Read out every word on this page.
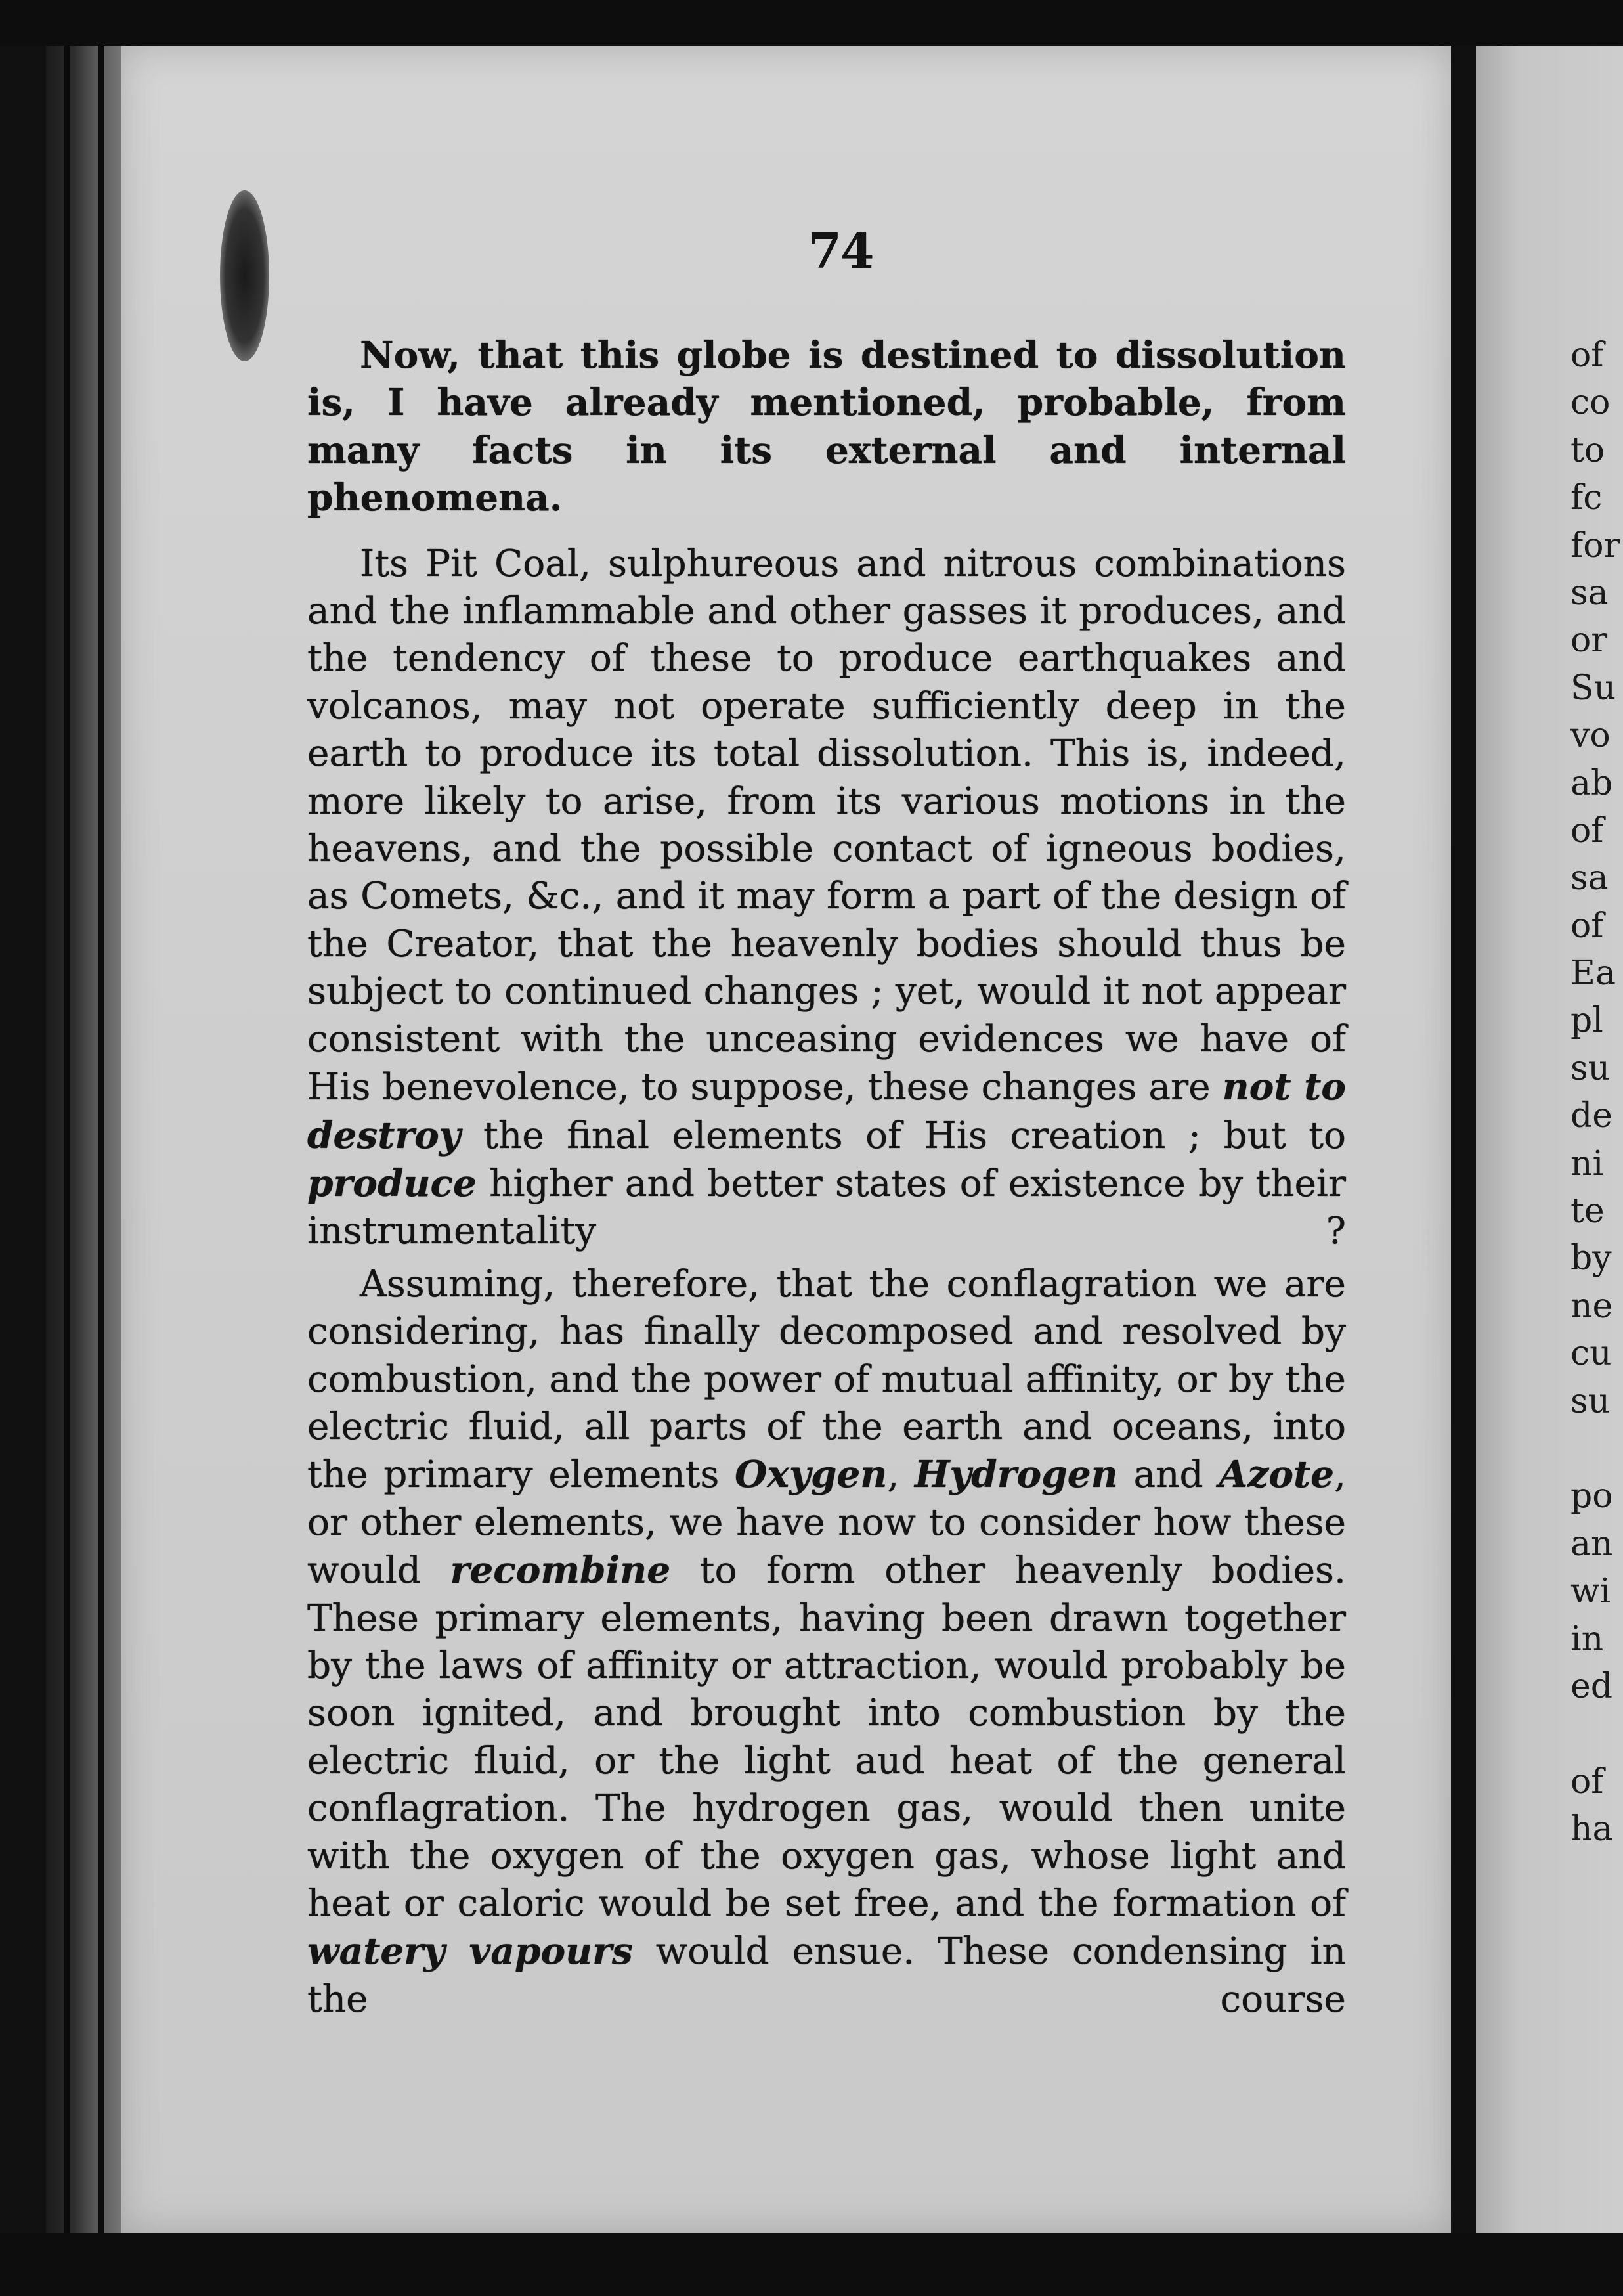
74

Now, that this globe is destined to dissolution is, I have already mentioned, probable, from many facts in its external and internal phenomena.

Its Pit Coal, sulphureous and nitrous combinations and the inflammable and other gasses it produces, and the tendency of these to produce earthquakes and volcanos, may not operate sufficiently deep in the earth to produce its total dissolution. This is, indeed, more likely to arise, from its various motions in the heavens, and the possible contact of igneous bodies, as Comets, &c., and it may form a part of the design of the Creator, that the heavenly bodies should thus be subject to continued changes ; yet, would it not appear consistent with the unceasing evidences we have of His benevolence, to suppose, these changes are not to destroy the final elements of His creation ; but to produce higher and better states of existence by their instrumentality ?

Assuming, therefore, that the conflagration we are considering, has finally decomposed and resolved by combustion, and the power of mutual affinity, or by the electric fluid, all parts of the earth and oceans, into the primary elements Oxygen, Hydrogen and Azote, or other elements, we have now to consider how these would recombine to form other heavenly bodies. These primary elements, having been drawn together by the laws of affinity or attraction, would probably be soon ignited, and brought into combustion by the electric fluid, or the light aud heat of the general conflagration. The hydrogen gas, would then unite with the oxygen of the oxygen gas, whose light and heat or caloric would be set free, and the formation of watery vapours would ensue. These condensing in the course

of
co
to
fc
for
sa
or
Su
vo
ab
of
sa
of
Ea
pl
su
de
ni
te
by
ne
cu
su
po
an
wi
in
ed
of
ha
